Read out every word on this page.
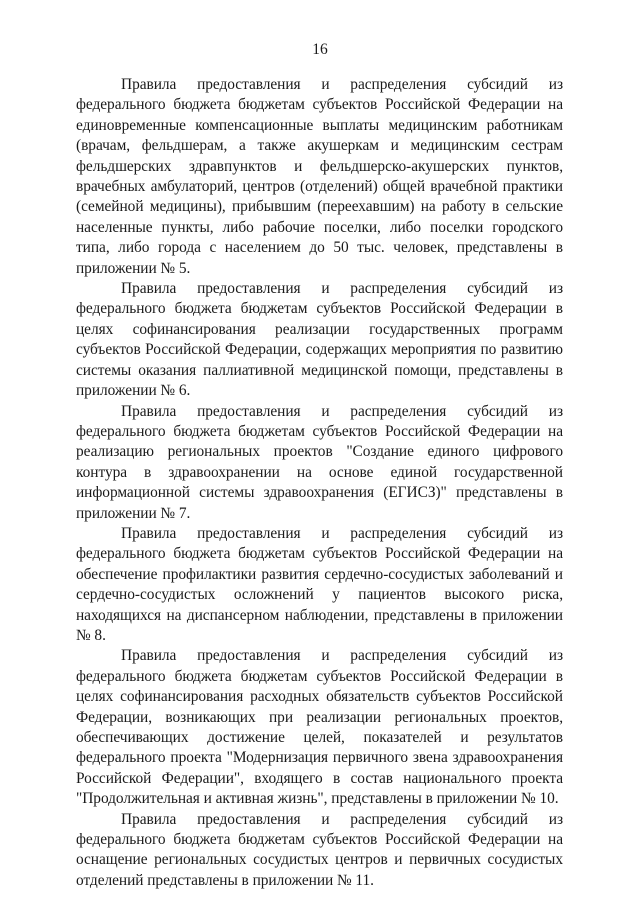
16

Правила предоставления и распределения субсидий из федерального бюджета бюджетам субъектов Российской Федерации на единовременные компенсационные выплаты медицинским работникам (врачам, фельдшерам, а также акушеркам и медицинским сестрам фельдшерских здравпунктов и фельдшерско-акушерских пунктов, врачебных амбулаторий, центров (отделений) общей врачебной практики (семейной медицины), прибывшим (переехавшим) на работу в сельские населенные пункты, либо рабочие поселки, либо поселки городского типа, либо города с населением до 50 тыс. человек, представлены в приложении № 5.

Правила предоставления и распределения субсидий из федерального бюджета бюджетам субъектов Российской Федерации в целях софинансирования реализации государственных программ субъектов Российской Федерации, содержащих мероприятия по развитию системы оказания паллиативной медицинской помощи, представлены в приложении № 6.

Правила предоставления и распределения субсидий из федерального бюджета бюджетам субъектов Российской Федерации на реализацию региональных проектов "Создание единого цифрового контура в здравоохранении на основе единой государственной информационной системы здравоохранения (ЕГИСЗ)" представлены в приложении № 7.

Правила предоставления и распределения субсидий из федерального бюджета бюджетам субъектов Российской Федерации на обеспечение профилактики развития сердечно-сосудистых заболеваний и сердечно-сосудистых осложнений у пациентов высокого риска, находящихся на диспансерном наблюдении, представлены в приложении № 8.

Правила предоставления и распределения субсидий из федерального бюджета бюджетам субъектов Российской Федерации в целях софинансирования расходных обязательств субъектов Российской Федерации, возникающих при реализации региональных проектов, обеспечивающих достижение целей, показателей и результатов федерального проекта "Модернизация первичного звена здравоохранения Российской Федерации", входящего в состав национального проекта "Продолжительная и активная жизнь", представлены в приложении № 10.

Правила предоставления и распределения субсидий из федерального бюджета бюджетам субъектов Российской Федерации на оснащение региональных сосудистых центров и первичных сосудистых отделений представлены в приложении № 11.
